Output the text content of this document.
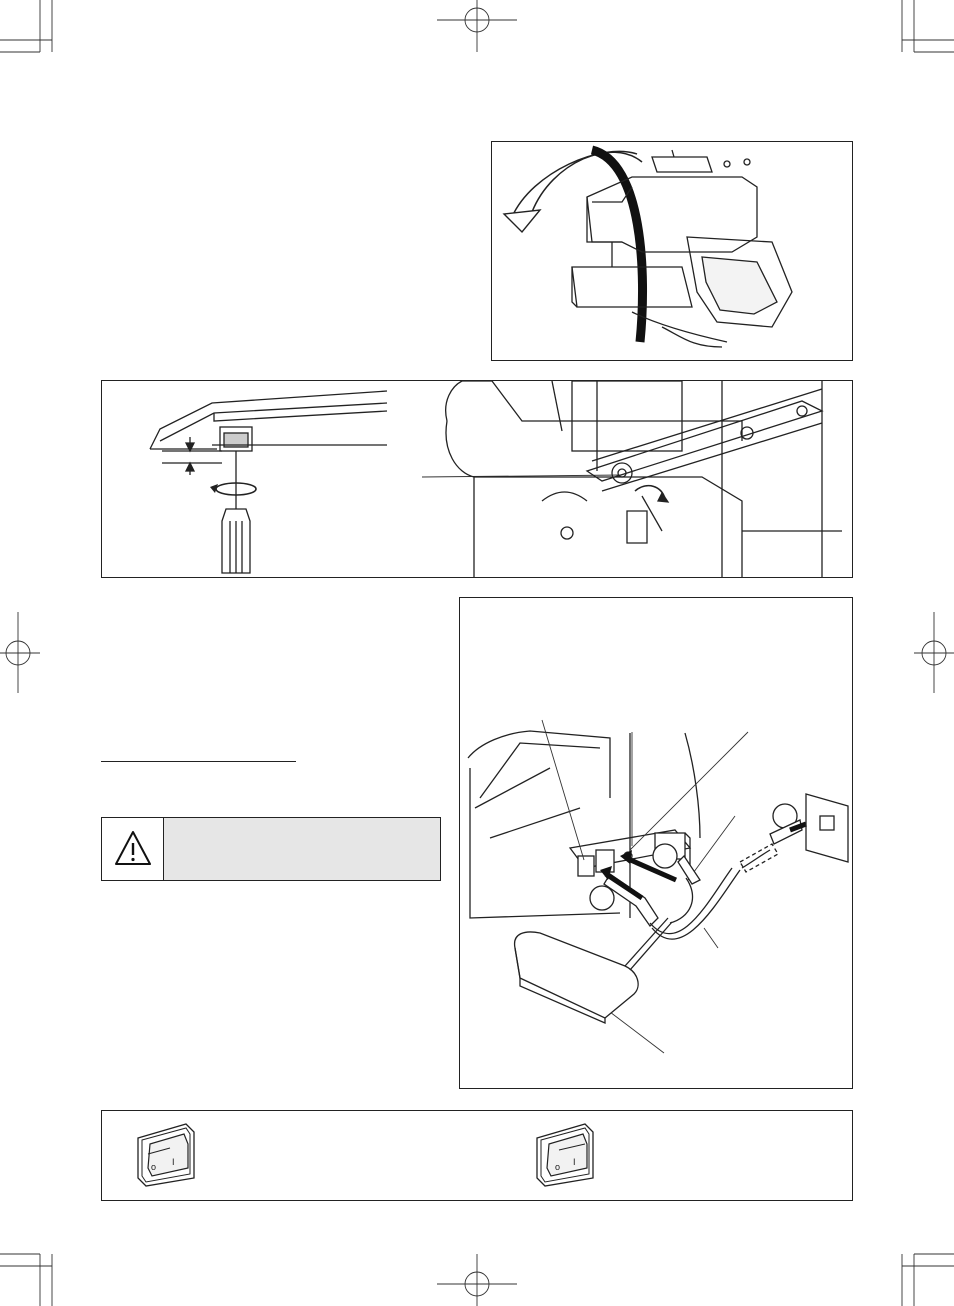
o I	o I
